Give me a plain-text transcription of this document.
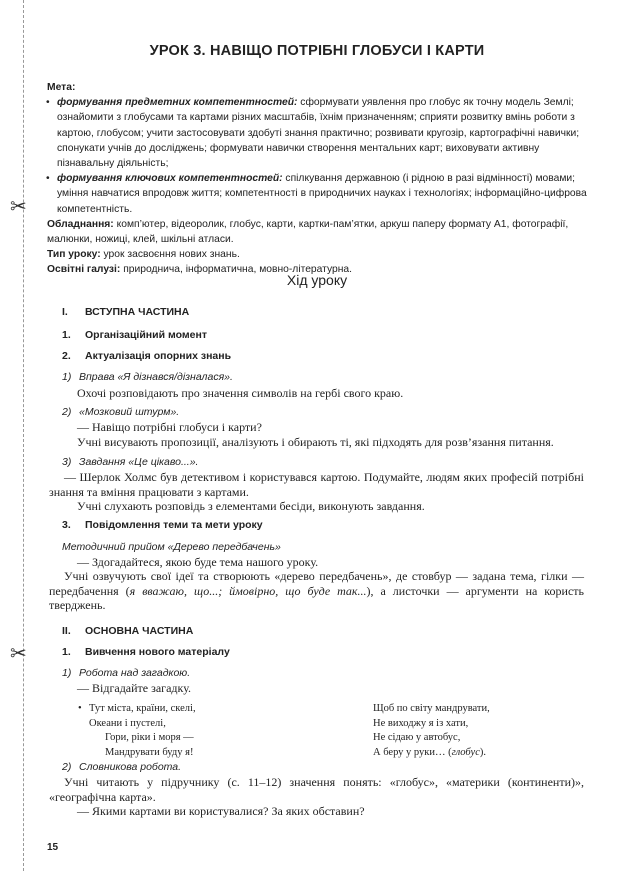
✂
✂
УРОК 3. НАВІЩО ПОТРІБНІ ГЛОБУСИ І КАРТИ
Мета:
• формування предметних компетентностей: сформувати уявлення про глобус як точну модель Землі; ознайомити з глобусами та картами різних масштабів, їхнім призначенням; сприяти розвитку вмінь роботи з картою, глобусом; учити застосовувати здобуті знання практично; розвивати кругозір, картографічні навички; спонукати учнів до досліджень; формувати навички створення ментальних карт; виховувати активну пізнавальну діяльність;
• формування ключових компетентностей: спілкування державною (і рідною в разі відмінності) мовами; уміння навчатися впродовж життя; компетентності в природничих науках і технологіях; інформаційно-цифрова компетентність.
Обладнання: комп’ютер, відеоролик, глобус, карти, картки-пам’ятки, аркуш паперу формату А1, фотографії, малюнки, ножиці, клей, шкільні атласи.
Тип уроку: урок засвоєння нових знань.
Освітні галузі: природнича, інформатична, мовно-літературна.
Хід уроку
I. ВСТУПНА ЧАСТИНА
1. Організаційний момент
2. Актуалізація опорних знань
1) Вправа «Я дізнався/дізналася».
Охочі розповідають про значення символів на гербі свого краю.
2) «Мозковий штурм».
— Навіщо потрібні глобуси і карти?
Учні висувають пропозиції, аналізують і обирають ті, які підходять для розв’язання питання.
3) Завдання «Це цікаво...».
— Шерлок Холмс був детективом і користувався картою. Подумайте, людям яких професій потрібні знання та вміння працювати з картами.
Учні слухають розповідь з елементами бесіди, виконують завдання.
3. Повідомлення теми та мети уроку
Методичний прийом «Дерево передбачень»
— Здогадайтеся, якою буде тема нашого уроку.
Учні озвучують свої ідеї та створюють «дерево передбачень», де стовбур — задана тема, гілки — передбачення (я вважаю, що...; ймовірно, що буде так...), а листочки — аргументи на користь тверджень.
II. ОСНОВНА ЧАСТИНА
1. Вивчення нового матеріалу
1) Робота над загадкою.
— Відгадайте загадку.
• Тут міста, країни, скелі,
Океани і пустелі,
Гори, ріки і моря —
Мандрувати буду я!
Щоб по світу мандрувати,
Не виходжу я із хати,
Не сідаю у автобус,
А беру у руки… (глобус).
2) Словникова робота.
Учні читають у підручнику (с. 11–12) значення понять: «глобус», «материки (континенти)», «географічна карта».
— Якими картами ви користувалися? За яких обставин?
15
